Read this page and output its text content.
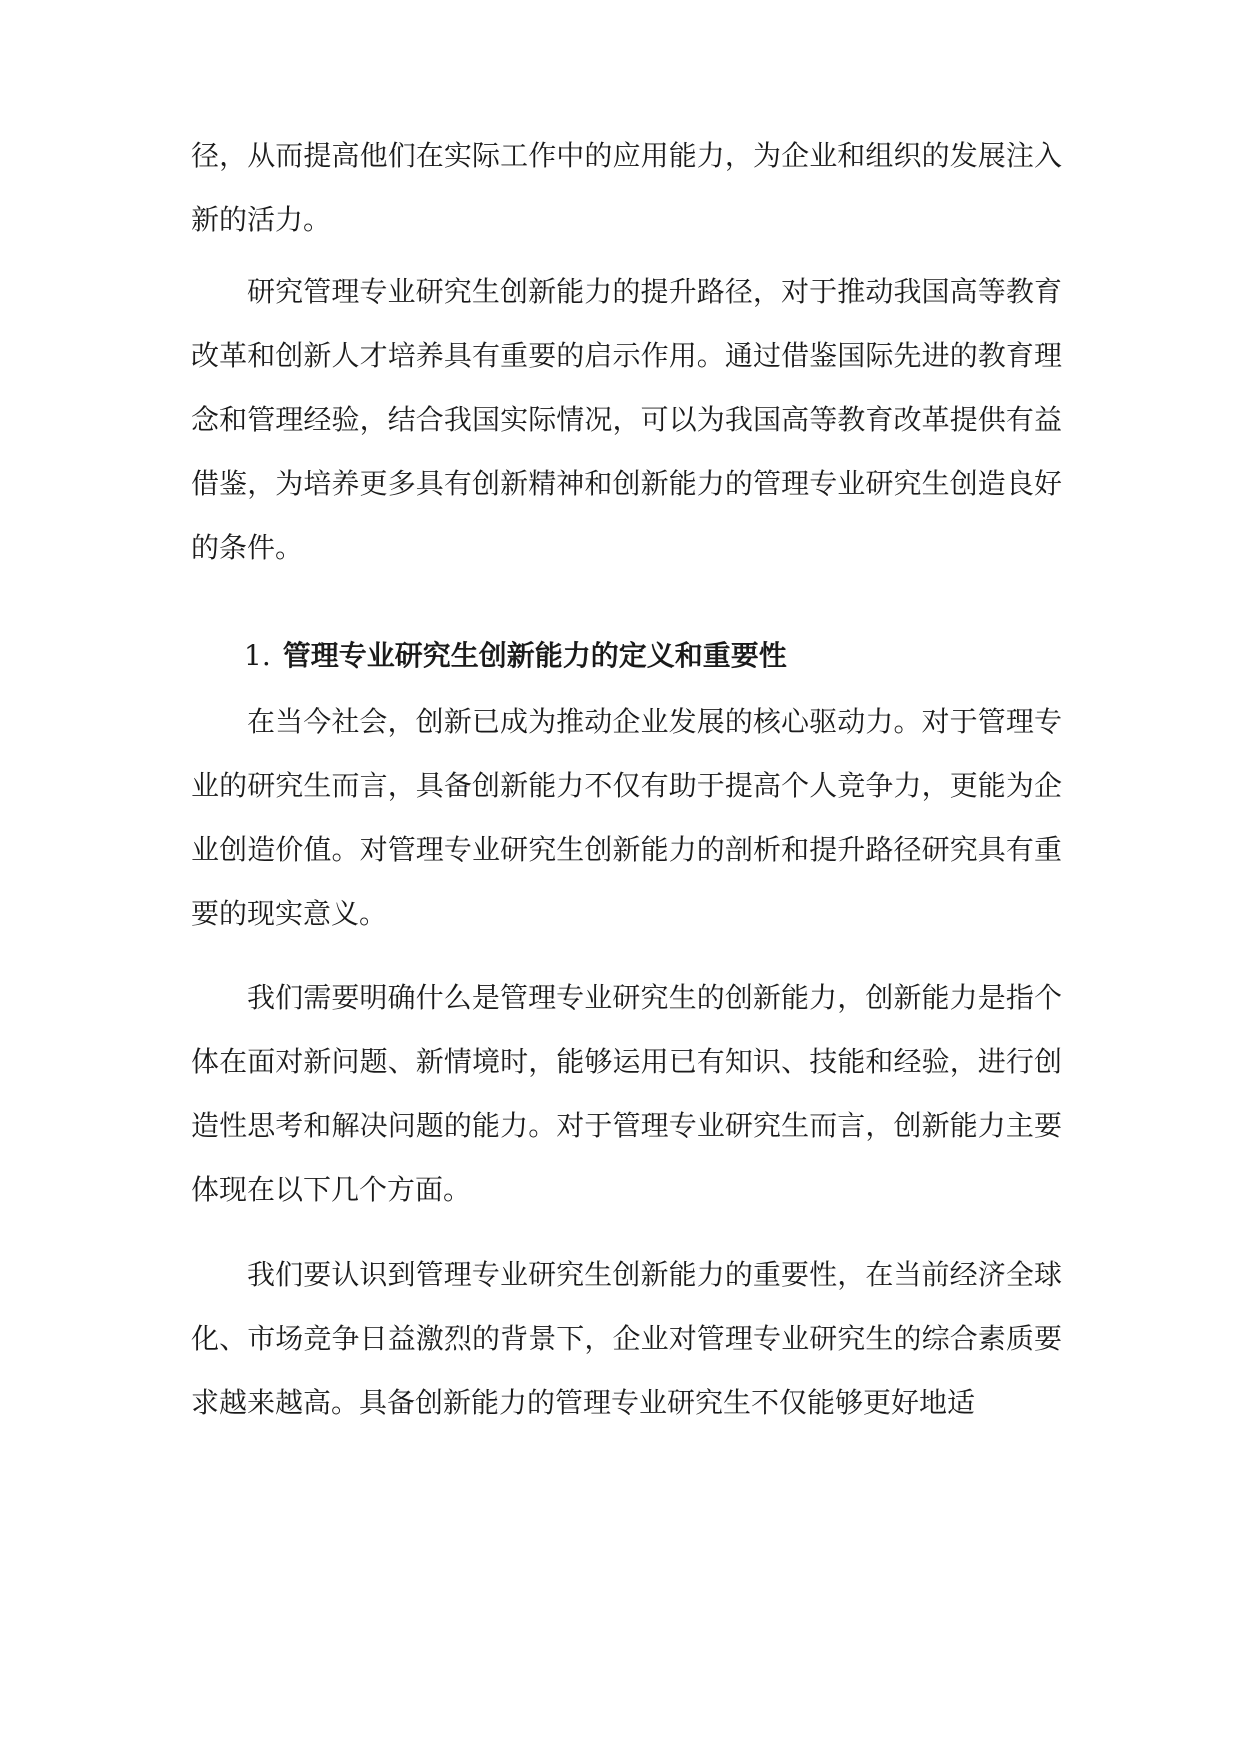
径，从而提高他们在实际工作中的应用能力，为企业和组织的发展注入新的活力。

研究管理专业研究生创新能力的提升路径，对于推动我国高等教育改革和创新人才培养具有重要的启示作用。通过借鉴国际先进的教育理念和管理经验，结合我国实际情况，可以为我国高等教育改革提供有益借鉴，为培养更多具有创新精神和创新能力的管理专业研究生创造良好的条件。

1. 管理专业研究生创新能力的定义和重要性

在当今社会，创新已成为推动企业发展的核心驱动力。对于管理专业的研究生而言，具备创新能力不仅有助于提高个人竞争力，更能为企业创造价值。对管理专业研究生创新能力的剖析和提升路径研究具有重要的现实意义。

我们需要明确什么是管理专业研究生的创新能力，创新能力是指个体在面对新问题、新情境时，能够运用已有知识、技能和经验，进行创造性思考和解决问题的能力。对于管理专业研究生而言，创新能力主要体现在以下几个方面。

我们要认识到管理专业研究生创新能力的重要性，在当前经济全球化、市场竞争日益激烈的背景下，企业对管理专业研究生的综合素质要求越来越高。具备创新能力的管理专业研究生不仅能够更好地适
